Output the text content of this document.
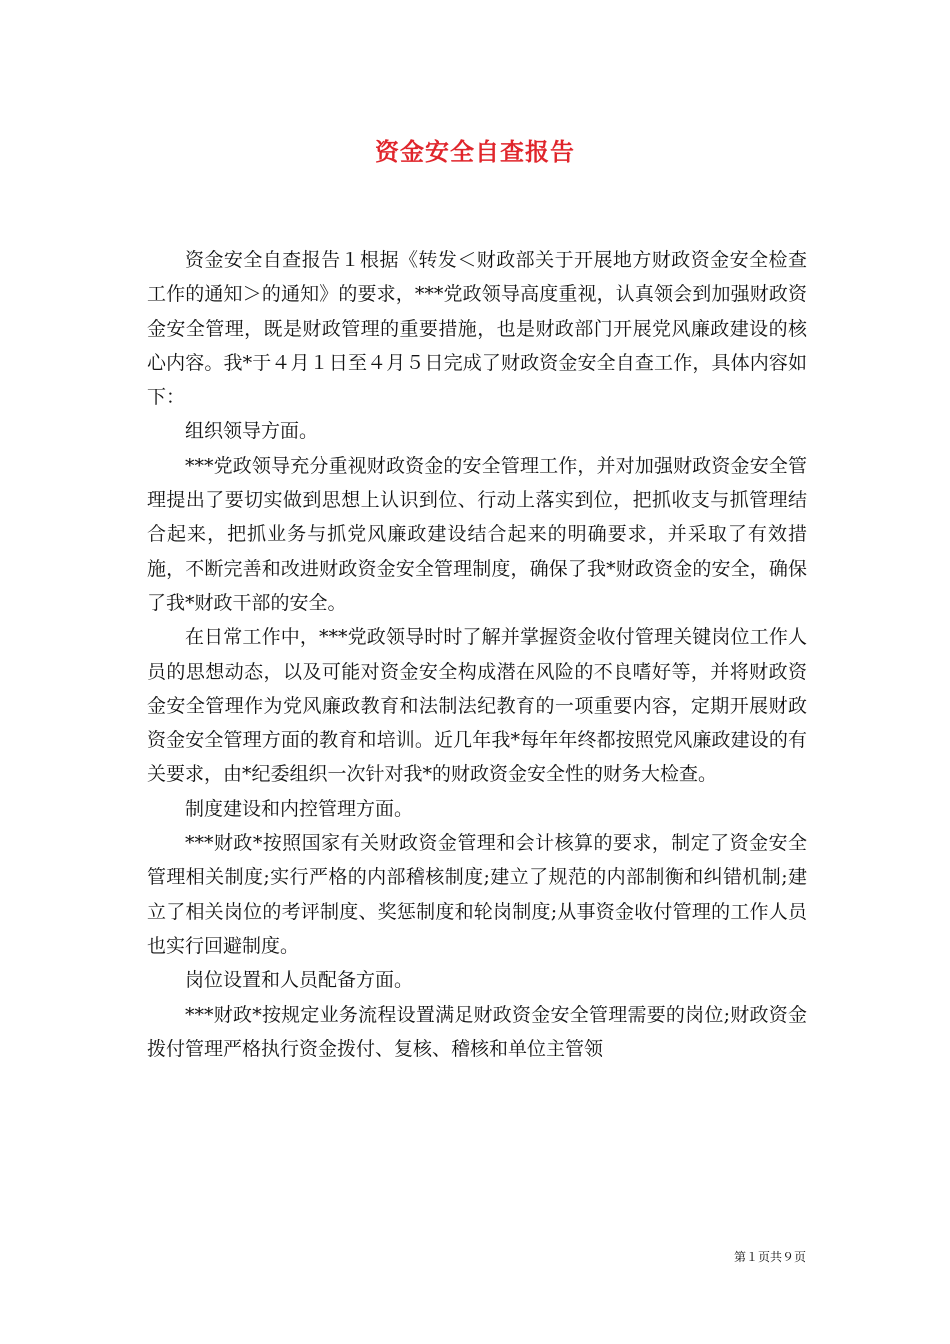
资金安全自查报告

资金安全自查报告１根据《转发＜财政部关于开展地方财政资金安全检查工作的通知＞的通知》的要求，***党政领导高度重视，认真领会到加强财政资金安全管理，既是财政管理的重要措施，也是财政部门开展党风廉政建设的核心内容。我*于４月１日至４月５日完成了财政资金安全自查工作，具体内容如下：

组织领导方面。

***党政领导充分重视财政资金的安全管理工作，并对加强财政资金安全管理提出了要切实做到思想上认识到位、行动上落实到位，把抓收支与抓管理结合起来，把抓业务与抓党风廉政建设结合起来的明确要求，并采取了有效措施，不断完善和改进财政资金安全管理制度，确保了我*财政资金的安全，确保了我*财政干部的安全。

在日常工作中，***党政领导时时了解并掌握资金收付管理关键岗位工作人员的思想动态，以及可能对资金安全构成潜在风险的不良嗜好等，并将财政资金安全管理作为党风廉政教育和法制法纪教育的一项重要内容，定期开展财政资金安全管理方面的教育和培训。近几年我*每年年终都按照党风廉政建设的有关要求，由*纪委组织一次针对我*的财政资金安全性的财务大检查。

制度建设和内控管理方面。

***财政*按照国家有关财政资金管理和会计核算的要求，制定了资金安全管理相关制度;实行严格的内部稽核制度;建立了规范的内部制衡和纠错机制;建立了相关岗位的考评制度、奖惩制度和轮岗制度;从事资金收付管理的工作人员也实行回避制度。

岗位设置和人员配备方面。

***财政*按规定业务流程设置满足财政资金安全管理需要的岗位;财政资金拨付管理严格执行资金拨付、复核、稽核和单位主管领

第１页共９页
